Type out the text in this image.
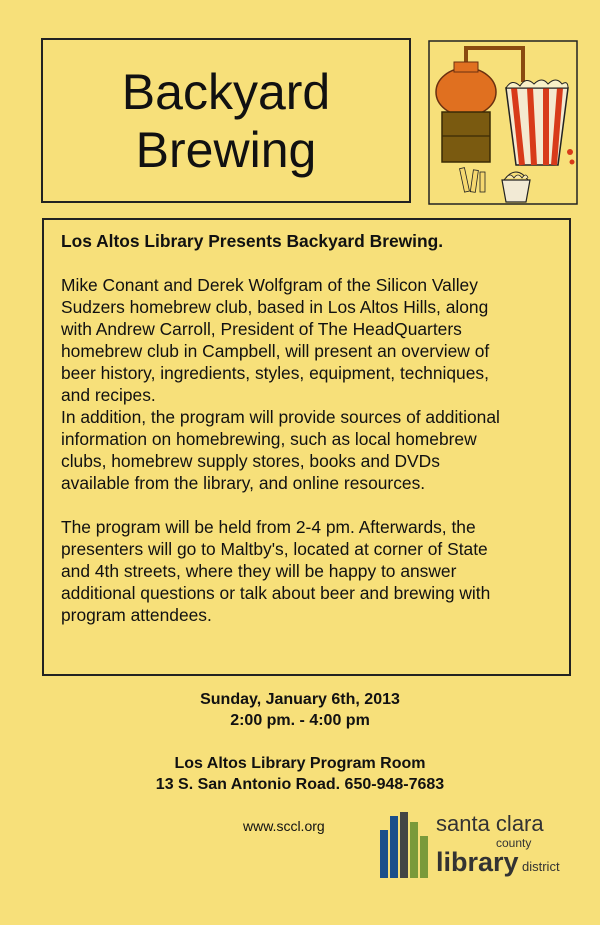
Backyard
Brewing

Los Altos Library Presents Backyard Brewing.

Mike Conant and Derek Wolfgram of the Silicon Valley

Sudzers homebrew club, based in Los Altos Hills, along

with Andrew Carroll, President of The HeadQuarters

homebrew club in Campbell, will present an overview of

beer history, ingredients, styles, equipment, techniques,

and recipes.

In addition, the program will provide sources of additional

information on homebrewing, such as local homebrew

clubs, homebrew supply stores, books and DVDs

available from the library, and online resources.

The program will be held from 2-4 pm. Afterwards, the

presenters will go to Maltby's, located at corner of State

and 4th streets, where they will be happy to answer

additional questions or talk about beer and brewing with

program attendees.

Sunday, January 6th, 2013
2:00 pm. - 4:00 pm
Los Altos Library Program Room
13 S. San Antonio Road. 650-948-7683
www.sccl.org	santa clara
county
library district
